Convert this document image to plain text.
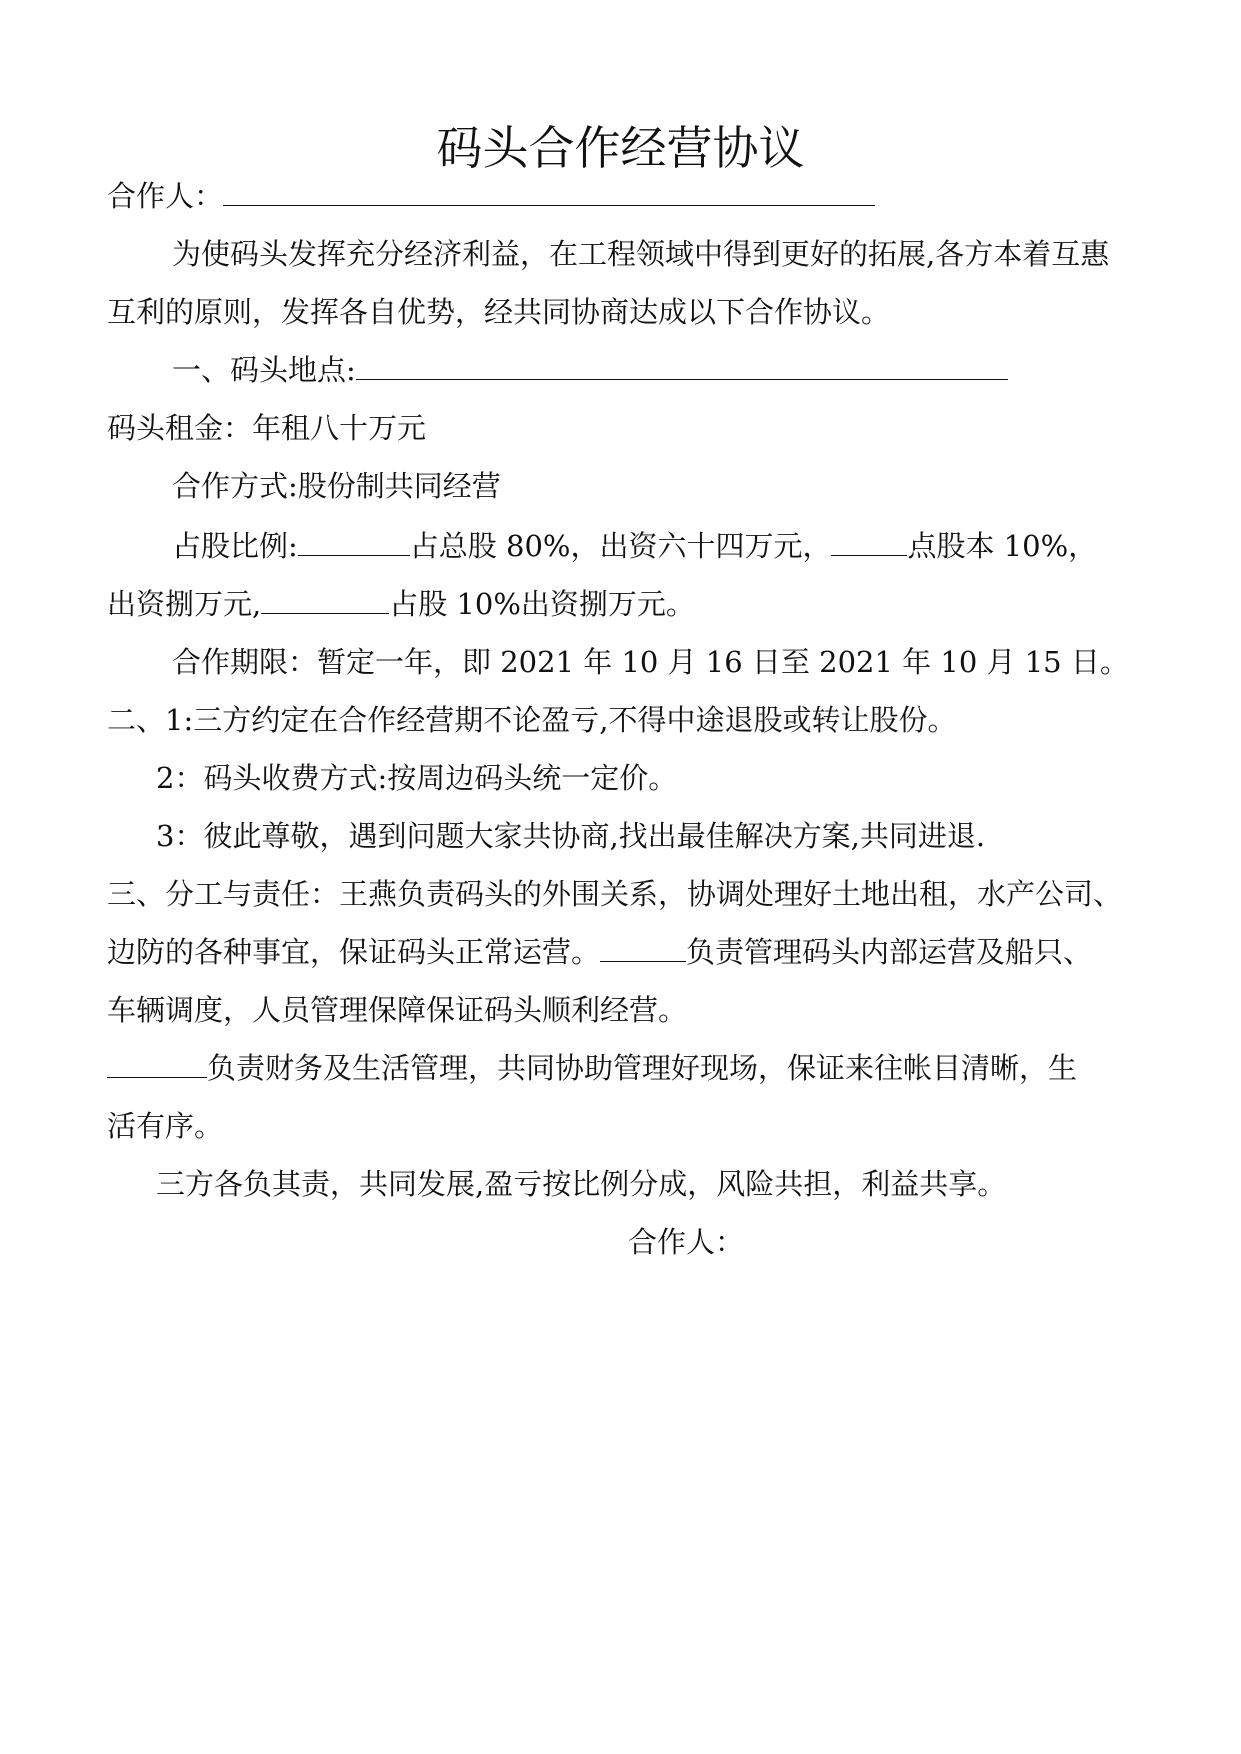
码头合作经营协议
合作人：
为使码头发挥充分经济利益，在工程领域中得到更好的拓展,各方本着互惠
互利的原则，发挥各自优势，经共同协商达成以下合作协议。
一、码头地点:
码头租金：年租八十万元
合作方式:股份制共同经营
占股比例:	占总股 80%，出资六十四万元，	点股本 10%，
出资捌万元,	占股 10%出资捌万元。
合作期限：暂定一年，即 2021 年 10 月 16 日至 2021 年 10 月 15 日。
二、1:三方约定在合作经营期不论盈亏,不得中途退股或转让股份。
2：码头收费方式:按周边码头统一定价。
3：彼此尊敬，遇到问题大家共协商,找出最佳解决方案,共同进退.
三、分工与责任：王燕负责码头的外围关系，协调处理好土地出租，水产公司、
边防的各种事宜，保证码头正常运营。	负责管理码头内部运营及船只、
车辆调度，人员管理保障保证码头顺利经营。
负责财务及生活管理，共同协助管理好现场，保证来往帐目清晰，生
活有序。
三方各负其责，共同发展,盈亏按比例分成，风险共担，利益共享。
合作人：
